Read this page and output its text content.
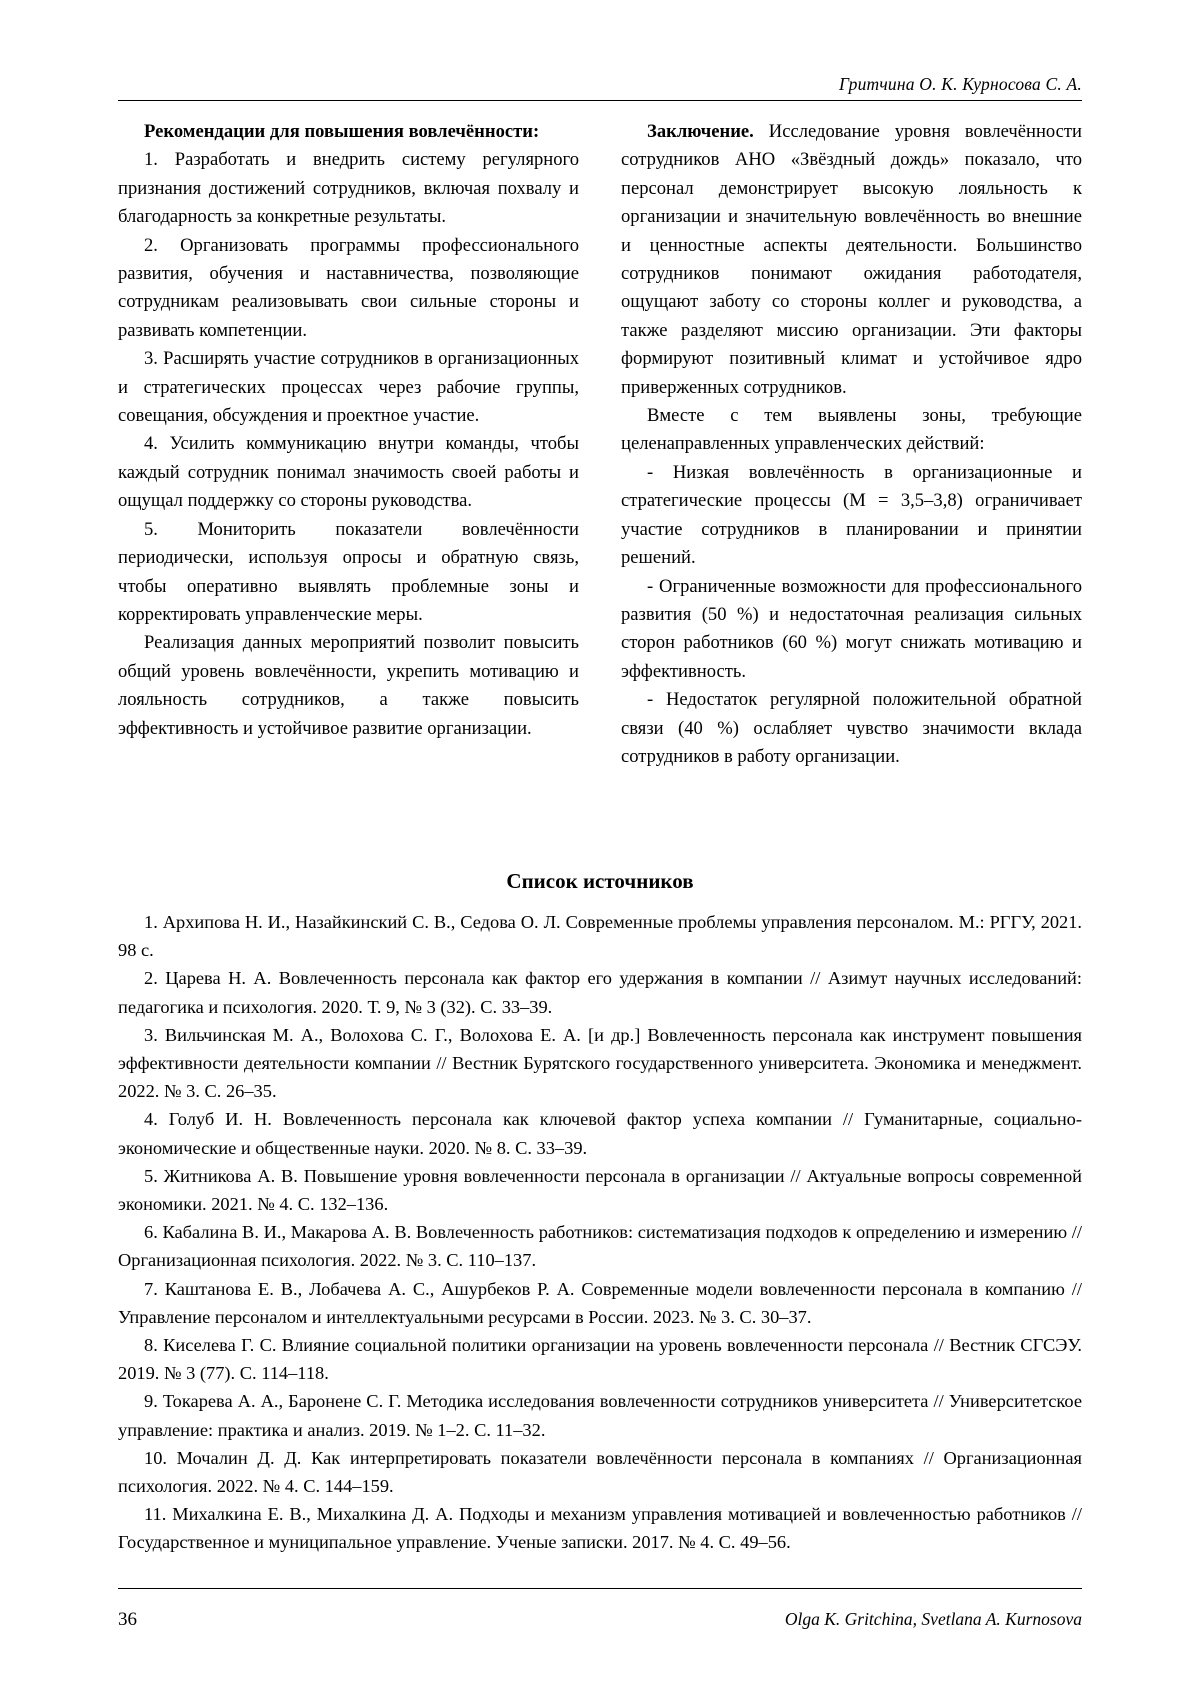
Гритчина О. К. Курносова С. А.

Рекомендации для повышения вовлечённости:

1. Разработать и внедрить систему регулярного признания достижений сотрудников, включая похвалу и благодарность за конкретные результаты.

2. Организовать программы профессионального развития, обучения и наставничества, позволяющие сотрудникам реализовывать свои сильные стороны и развивать компетенции.

3. Расширять участие сотрудников в организационных и стратегических процессах через рабочие группы, совещания, обсуждения и проектное участие.

4. Усилить коммуникацию внутри команды, чтобы каждый сотрудник понимал значимость своей работы и ощущал поддержку со стороны руководства.

5. Мониторить показатели вовлечённости периодически, используя опросы и обратную связь, чтобы оперативно выявлять проблемные зоны и корректировать управленческие меры.

Реализация данных мероприятий позволит повысить общий уровень вовлечённости, укрепить мотивацию и лояльность сотрудников, а также повысить эффективность и устойчивое развитие организации.

Заключение. Исследование уровня вовлечённости сотрудников АНО «Звёздный дождь» показало, что персонал демонстрирует высокую лояльность к организации и значительную вовлечённость во внешние и ценностные аспекты деятельности. Большинство сотрудников понимают ожидания работодателя, ощущают заботу со стороны коллег и руководства, а также разделяют миссию организации. Эти факторы формируют позитивный климат и устойчивое ядро приверженных сотрудников.

Вместе с тем выявлены зоны, требующие целенаправленных управленческих действий:

- Низкая вовлечённость в организационные и стратегические процессы (М = 3,5–3,8) ограничивает участие сотрудников в планировании и принятии решений.

- Ограниченные возможности для профессионального развития (50 %) и недостаточная реализация сильных сторон работников (60 %) могут снижать мотивацию и эффективность.

- Недостаток регулярной положительной обратной связи (40 %) ослабляет чувство значимости вклада сотрудников в работу организации.

Список источников

1. Архипова Н. И., Назайкинский С. В., Седова О. Л. Современные проблемы управления персоналом. М.: РГГУ, 2021. 98 с.

2. Царева Н. А. Вовлеченность персонала как фактор его удержания в компании // Азимут научных исследований: педагогика и психология. 2020. Т. 9, № 3 (32). С. 33–39.

3. Вильчинская М. А., Волохова С. Г., Волохова Е. А. [и др.] Вовлеченность персонала как инструмент повышения эффективности деятельности компании // Вестник Бурятского государственного университета. Экономика и менеджмент. 2022. № 3. С. 26–35.

4. Голуб И. Н. Вовлеченность персонала как ключевой фактор успеха компании // Гуманитарные, социально-экономические и общественные науки. 2020. № 8. С. 33–39.

5. Житникова А. В. Повышение уровня вовлеченности персонала в организации // Актуальные вопросы современной экономики. 2021. № 4. С. 132–136.

6. Кабалина В. И., Макарова А. В. Вовлеченность работников: систематизация подходов к определению и измерению // Организационная психология. 2022. № 3. С. 110–137.

7. Каштанова Е. В., Лобачева А. С., Ашурбеков Р. А. Современные модели вовлеченности персонала в компанию // Управление персоналом и интеллектуальными ресурсами в России. 2023. № 3. С. 30–37.

8. Киселева Г. С. Влияние социальной политики организации на уровень вовлеченности персонала // Вестник СГСЭУ. 2019. № 3 (77). С. 114–118.

9. Токарева А. А., Баронене С. Г. Методика исследования вовлеченности сотрудников университета // Университетское управление: практика и анализ. 2019. № 1–2. С. 11–32.

10. Мочалин Д. Д. Как интерпретировать показатели вовлечённости персонала в компаниях // Организационная психология. 2022. № 4. С. 144–159.

11. Михалкина Е. В., Михалкина Д. А. Подходы и механизм управления мотивацией и вовлеченностью работников // Государственное и муниципальное управление. Ученые записки. 2017. № 4. С. 49–56.

36	Olga K. Gritchina, Svetlana A. Kurnosova
